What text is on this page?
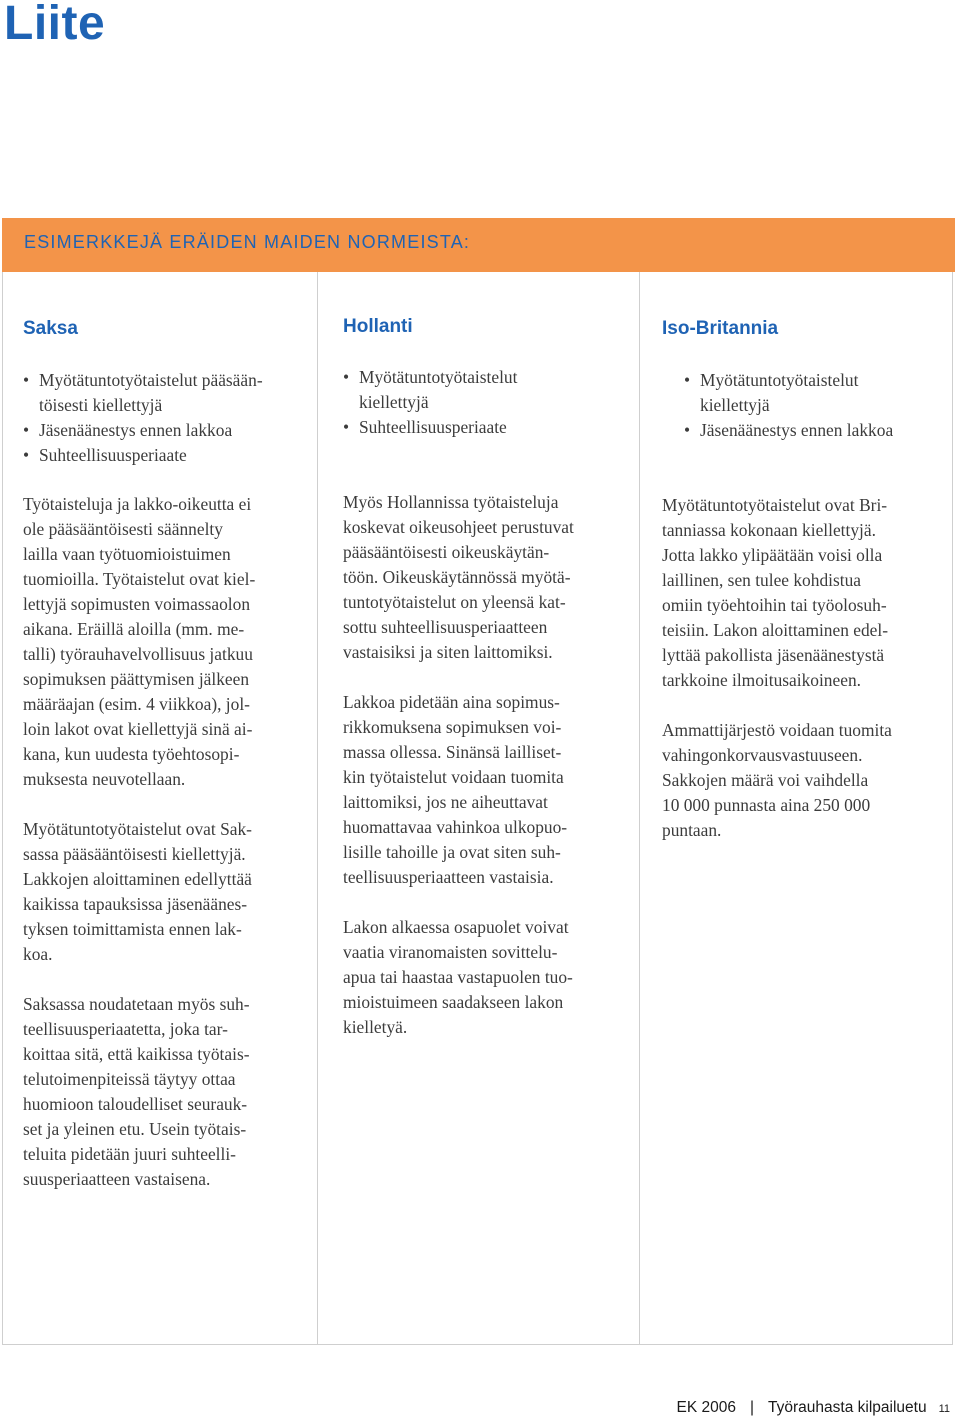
Liite
ESIMERKKEJÄ ERÄIDEN MAIDEN NORMEISTA:
Saksa
• Myötätuntotyötaistelut pääsään-
töisesti kiellettyjä
• Jäsenäänestys ennen lakkoa
• Suhteellisuusperiaate

Työtaisteluja ja lakko-oikeutta ei
ole pääsääntöisesti säännelty
lailla vaan työtuomioistuimen
tuomioilla. Työtaistelut ovat kiel-
lettyjä sopimusten voimassaolon
aikana. Eräillä aloilla (mm. me-
talli) työrauhavelvollisuus jatkuu
sopimuksen päättymisen jälkeen
määräajan (esim. 4 viikkoa), jol-
loin lakot ovat kiellettyjä sinä ai-
kana, kun uudesta työehtosopi-
muksesta neuvotellaan.

Myötätuntotyötaistelut ovat Sak-
sassa pääsääntöisesti kiellettyjä.
Lakkojen aloittaminen edellyttää
kaikissa tapauksissa jäsenäänes-
tyksen toimittamista ennen lak-
koa.

Saksassa noudatetaan myös suh-
teellisuusperiaatetta, joka tar-
koittaa sitä, että kaikissa työtais-
telutoimenpiteissä täytyy ottaa
huomioon taloudelliset seurauk-
set ja yleinen etu. Usein työtais-
teluita pidetään juuri suhteelli-
suusperiaatteen vastaisena.

Hollanti
• Myötätuntotyötaistelut
kiellettyjä
• Suhteellisuusperiaate

Myös Hollannissa työtaisteluja
koskevat oikeusohjeet perustuvat
pääsääntöisesti oikeuskäytän-
töön. Oikeuskäytännössä myötä-
tuntotyötaistelut on yleensä kat-
sottu suhteellisuusperiaatteen
vastaisiksi ja siten laittomiksi.

Lakkoa pidetään aina sopimus-
rikkomuksena sopimuksen voi-
massa ollessa. Sinänsä lailliset-
kin työtaistelut voidaan tuomita
laittomiksi, jos ne aiheuttavat
huomattavaa vahinkoa ulkopuo-
lisille tahoille ja ovat siten suh-
teellisuusperiaatteen vastaisia.

Lakon alkaessa osapuolet voivat
vaatia viranomaisten sovittelu-
apua tai haastaa vastapuolen tuo-
mioistuimeen saadakseen lakon
kielletyä.

Iso-Britannia
• Myötätuntotyötaistelut
kiellettyjä
• Jäsenäänestys ennen lakkoa

Myötätuntotyötaistelut ovat Bri-
tanniassa kokonaan kiellettyjä.
Jotta lakko ylipäätään voisi olla
laillinen, sen tulee kohdistua
omiin työehtoihin tai työolosuh-
teisiin. Lakon aloittaminen edel-
lyttää pakollista jäsenäänestystä
tarkkoine ilmoitusaikoineen.

Ammattijärjestö voidaan tuomita
vahingonkorvausvastuuseen.
Sakkojen määrä voi vaihdella
10 000 punnasta aina 250 000
puntaan.

EK 2006 | Työrauhasta kilpailuetu 11
